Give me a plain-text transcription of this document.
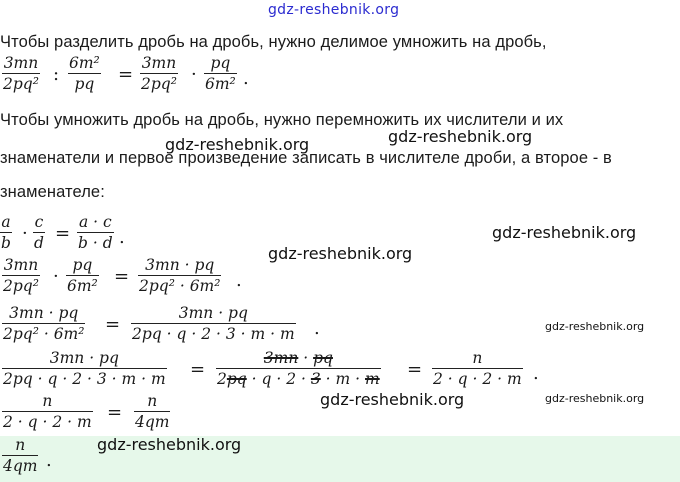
gdz-reshebnik.org
Чтобы разделить дробь на дробь, нужно делимое умножить на дробь,
3mn
2pq² :
6m²
pq =
3mn
2pq² ·
pq
6m² .
Чтобы умножить дробь на дробь, нужно перемножить их числители и их
gdz-reshebnik.org
gdz-reshebnik.org
знаменатели и первое произведение записать в числителе дроби, а второе - в
знаменателе:
a
b ·
c
d =
a · c
b · d .	gdz-reshebnik.org
gdz-reshebnik.org
3mn
2pq² ·
pq
6m² =
3mn · pq
2pq² · 6m² .
3mn · pq
2pq² · 6m² =
3mn · pq
2pq · q · 2 · 3 · m · m .	gdz-reshebnik.org
3mn · pq
2pq · q · 2 · 3 · m · m =
3mn · pq
2pq · q · 2 · 3 · m · m =
n
2 · q · 2 · m .
gdz-reshebnik.org	gdz-reshebnik.org
n
2 · q · 2 · m =
n
4qm
n
4qm .
gdz-reshebnik.org
